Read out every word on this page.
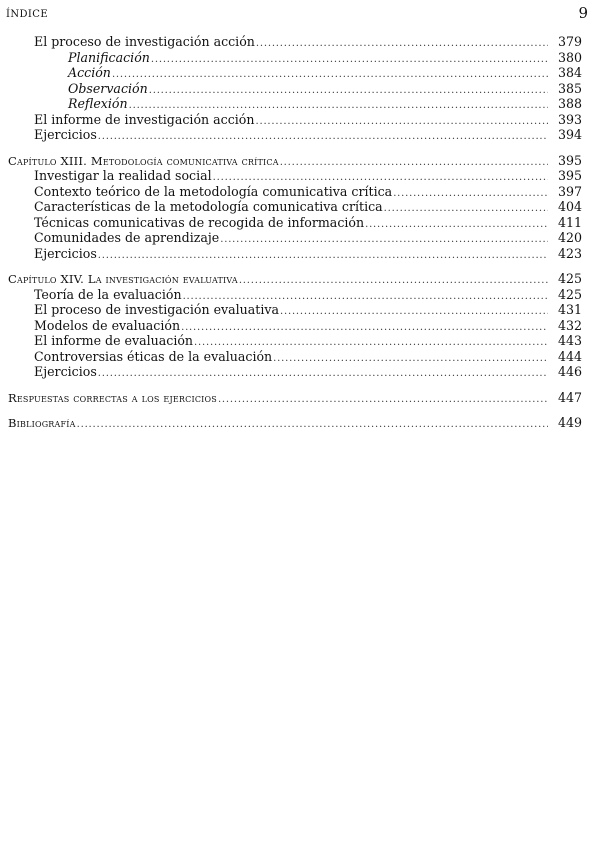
ÍNDICE	9
El proceso de investigación acción .....	379
Planificación .....	380
Acción .....	384
Observación .....	385
Reflexión .....	388
El informe de investigación acción .....	393
Ejercicios .....	394
Capítulo XIII. Metodología comunicativa crítica .....	395
Investigar la realidad social .....	395
Contexto teórico de la metodología comunicativa crítica .....	397
Características de la metodología comunicativa crítica .....	404
Técnicas comunicativas de recogida de información .....	411
Comunidades de aprendizaje .....	420
Ejercicios .....	423
Capítulo XIV. La investigación evaluativa .....	425
Teoría de la evaluación .....	425
El proceso de investigación evaluativa .....	431
Modelos de evaluación .....	432
El informe de evaluación .....	443
Controversias éticas de la evaluación .....	444
Ejercicios .....	446
Respuestas correctas a los ejercicios .....	447
Bibliografía .....	449
